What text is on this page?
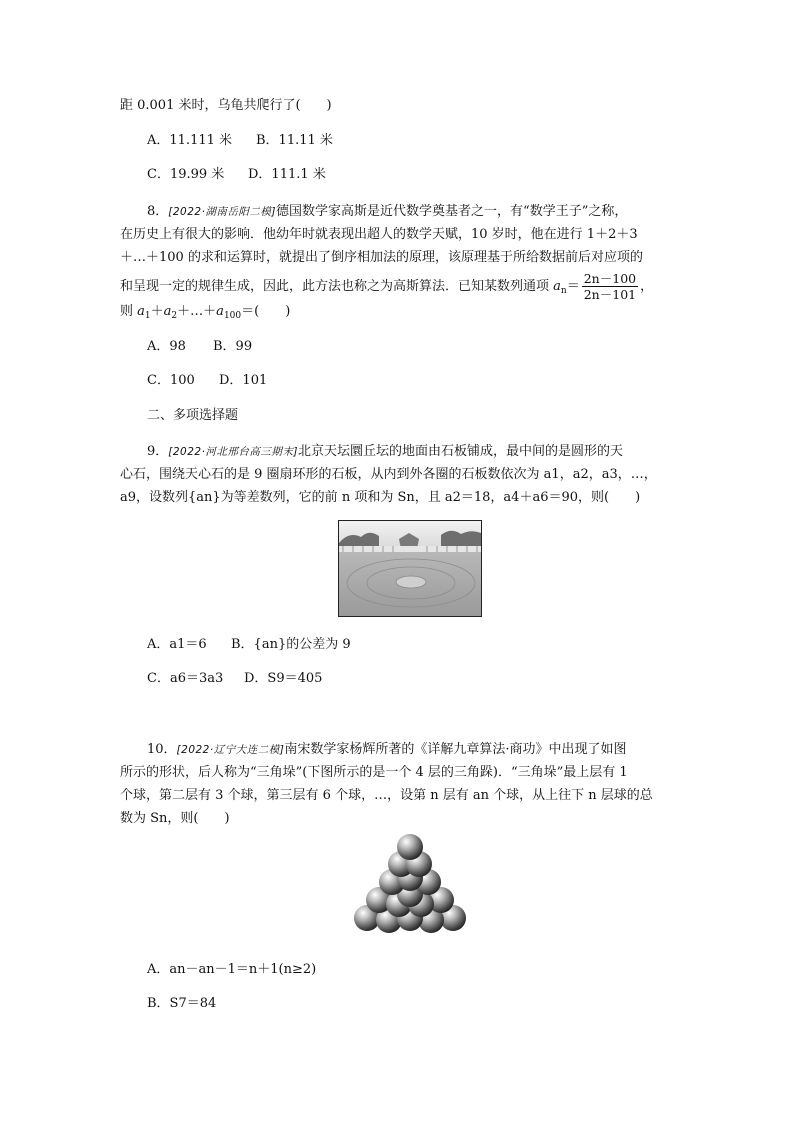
距 0.001 米时，乌龟共爬行了(　　)
A．11.111 米 B．11.11 米
C．19.99 米 D．111.1 米
8．[2022·湖南岳阳二模]德国数学家高斯是近代数学奠基者之一，有“数学王子”之称，
在历史上有很大的影响．他幼年时就表现出超人的数学天赋，10 岁时，他在进行 1＋2＋3
＋…＋100 的求和运算时，就提出了倒序相加法的原理，该原理基于所给数据前后对应项的
和呈现一定的规律生成，因此，此方法也称之为高斯算法．已知某数列通项 $a_n= \frac{2n-100}{2n-101}$ ，
则 $a_1+a_2+\dots+a_{100}=$(　　)
A．98 B．99
C．100 D．101
二、多项选择题
9．[2022·河北邢台高三期末]北京天坛圜丘坛的地面由石板铺成，最中间的是圆形的天
心石，围绕天心石的是 9 圈扇环形的石板，从内到外各圈的石板数依次为 a1，a2，a3，…，
a9，设数列{an}为等差数列，它的前 n 项和为 Sn，且 a2＝18，a4＋a6＝90，则(　　)
A．a1＝6 B．{an}的公差为 9
C．a6＝3a3 D．S9＝405
10．[2022·辽宁大连二模]南宋数学家杨辉所著的《详解九章算法·商功》中出现了如图
所示的形状，后人称为“三角垛”(下图所示的是一个 4 层的三角跺)．“三角垛”最上层有 1
个球，第二层有 3 个球，第三层有 6 个球，…，设第 n 层有 an 个球，从上往下 n 层球的总
数为 Sn，则(　　)
A．an－an－1＝n＋1(n≥2)
B．S7＝84
